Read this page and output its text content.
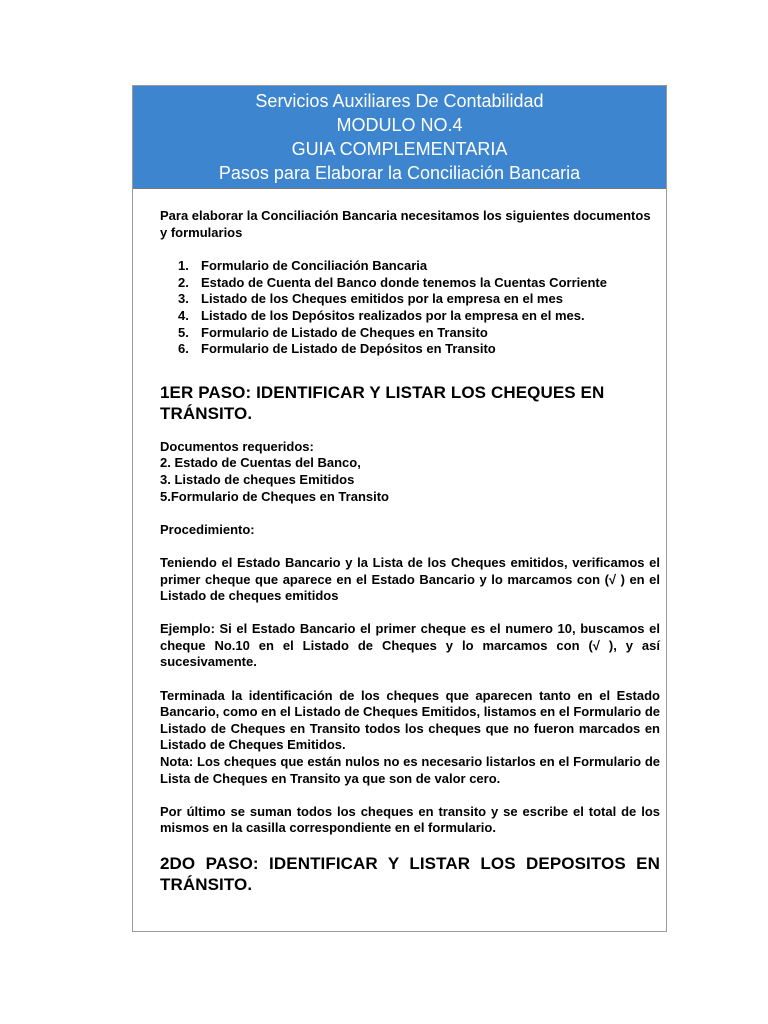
Servicios Auxiliares De Contabilidad
MODULO NO.4
GUIA COMPLEMENTARIA
Pasos para Elaborar la Conciliación Bancaria

Para elaborar la Conciliación Bancaria necesitamos los siguientes documentos y formularios

1. Formulario de Conciliación Bancaria
2. Estado de Cuenta del Banco donde tenemos la Cuentas Corriente
3. Listado de los Cheques emitidos por la empresa en el mes
4. Listado de los Depósitos realizados por la empresa en el mes.
5. Formulario de Listado de Cheques en Transito
6. Formulario de Listado de Depósitos en Transito
1ER PASO: IDENTIFICAR Y LISTAR LOS CHEQUES EN TRÁNSITO.
Documentos requeridos:
2. Estado de Cuentas del Banco,
3. Listado de cheques Emitidos
5.Formulario de Cheques en Transito
Procedimiento:
Teniendo el Estado Bancario y la Lista de los Cheques emitidos, verificamos el primer cheque que aparece en el Estado Bancario y lo marcamos con (√ ) en el Listado de cheques emitidos
Ejemplo: Si el Estado Bancario el primer cheque es el numero 10, buscamos el cheque No.10 en el Listado de Cheques y lo marcamos con (√ ), y así sucesivamente.
Terminada la identificación de los cheques que aparecen tanto en el Estado Bancario, como en el Listado de Cheques Emitidos, listamos en el Formulario de Listado de Cheques en Transito todos los cheques que no fueron marcados en Listado de Cheques Emitidos.
Nota: Los cheques que están nulos no es necesario listarlos en el Formulario de Lista de Cheques en Transito ya que son de valor cero.
Por último se suman todos los cheques en transito y se escribe el total de los mismos en la casilla correspondiente en el formulario.
2DO PASO: IDENTIFICAR Y LISTAR LOS DEPOSITOS EN TRÁNSITO.
